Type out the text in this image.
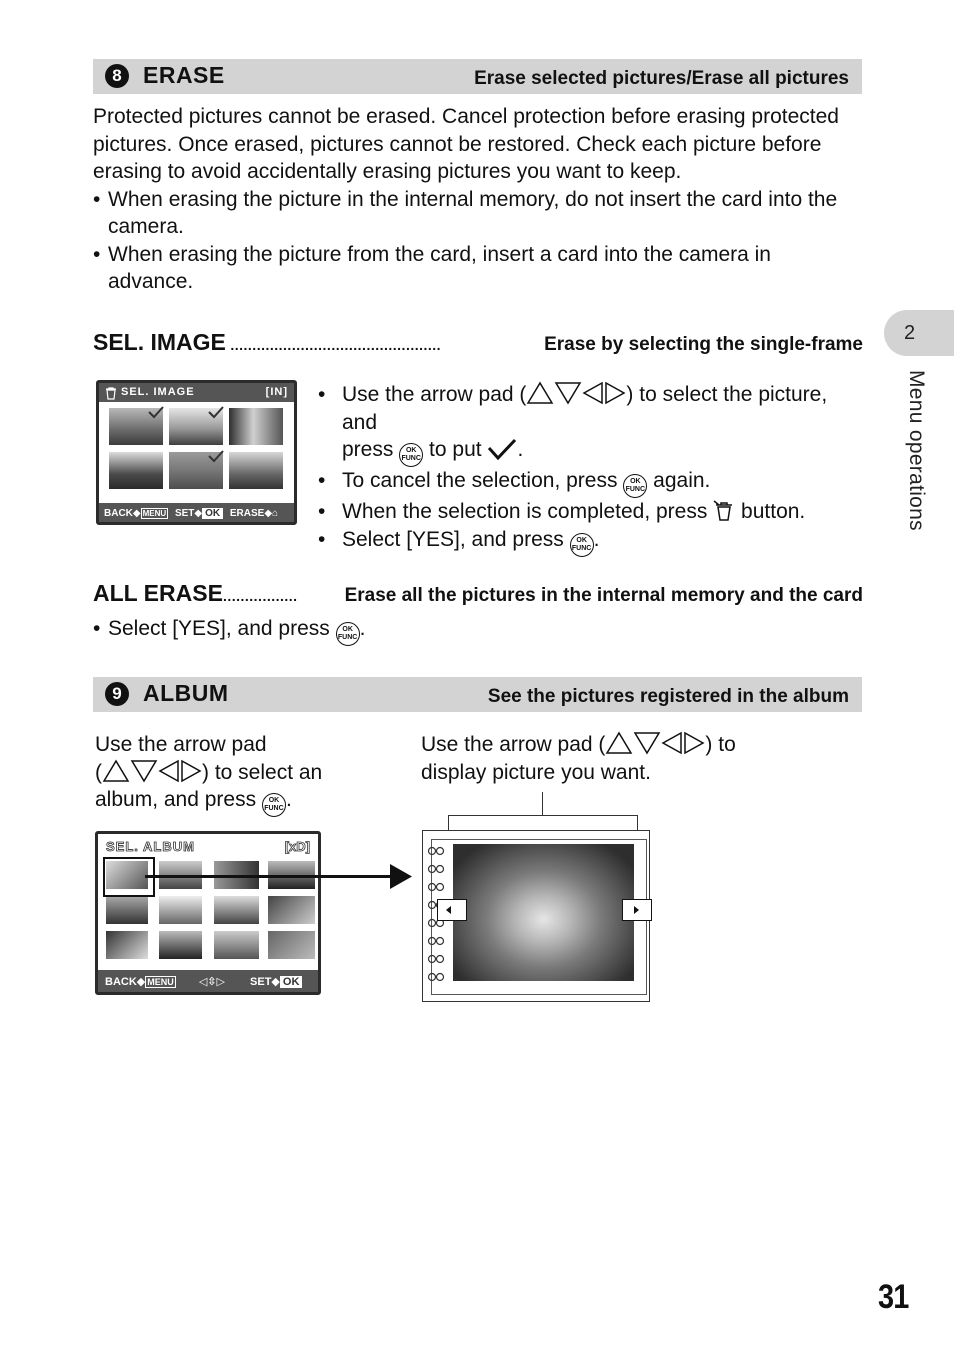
8 ERASE	Erase selected pictures/Erase all pictures
Protected pictures cannot be erased. Cancel protection before erasing protected
pictures. Once erased, pictures cannot be restored. Check each picture before
erasing to avoid accidentally erasing pictures you want to keep.
• When erasing the picture in the internal memory, do not insert the card into the
camera.
• When erasing the picture from the card, insert a card into the camera in
advance.
SEL. IMAGE ................................................	Erase by selecting the single-frame
SEL. IMAGE	[IN]
BACK◆ MENU SET◆ OK ERASE◆⌂
• Use the arrow pad (	) to select the picture, and
press	OK
FUNC to put .
• To cancel the selection, press	OK
FUNC again.
• When the selection is completed, press button.
• Select [YES], and press	OK
FUNC .
ALL ERASE................. Erase all the pictures in the internal memory and the card
• Select [YES], and press	OK
FUNC .
9 ALBUM	See the pictures registered in the album
Use the arrow pad
(	) to select an
album, and press	OK
FUNC .
Use the arrow pad (	) to
display picture you want.
SEL. ALBUM	[xD]
BACK◆ MENU ◁⇳▷ SET◆ OK
2
Menu operations
31
